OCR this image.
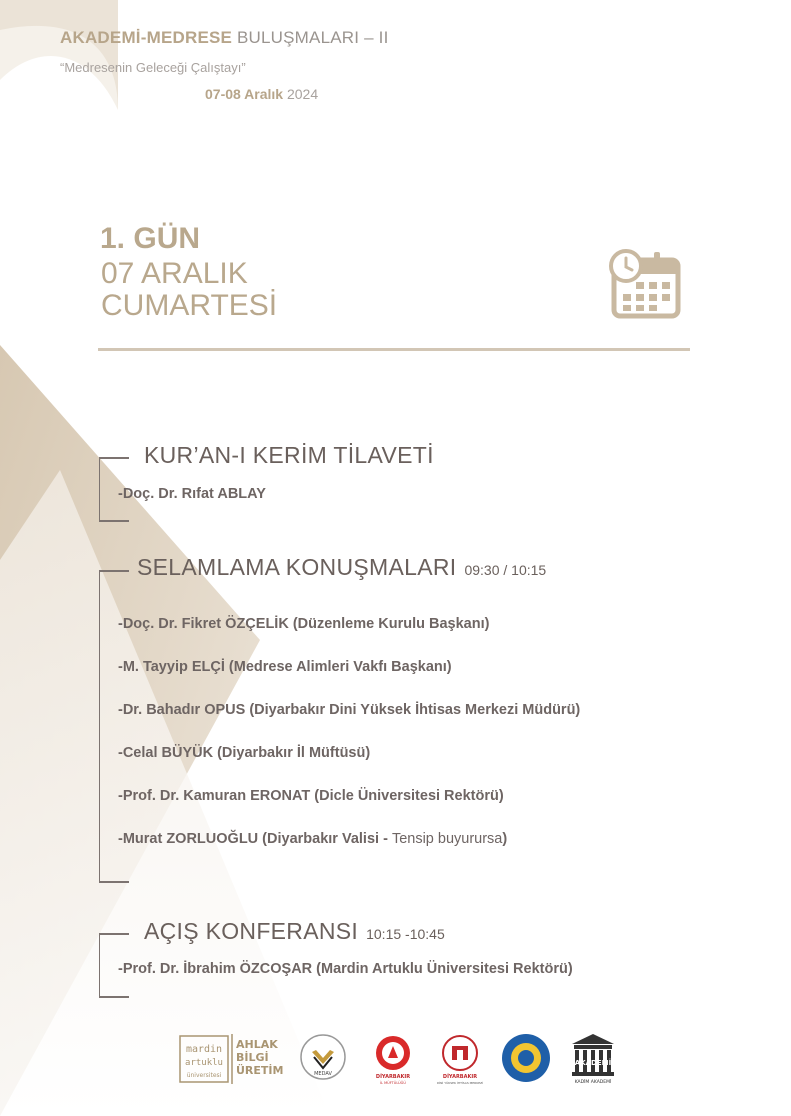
AKADEMİ-MEDRESE BULUŞMALARI – II
“Medresenin Geleceği Çalıştayı”
07-08 Aralık 2024
1. GÜN
07 ARALIK
CUMARTESİ
KUR’AN-I KERİM TİLAVETİ
-Doç. Dr. Rıfat ABLAY
SELAMLAMA KONUŞMALARI 09:30 / 10:15
-Doç. Dr. Fikret ÖZÇELİK (Düzenleme Kurulu Başkanı)
-M. Tayyip ELÇİ (Medrese Alimleri Vakfı Başkanı)
-Dr. Bahadır OPUS (Diyarbakır Dini Yüksek İhtisas Merkezi Müdürü)
-Celal BÜYÜK (Diyarbakır İl Müftüsü)
-Prof. Dr. Kamuran ERONAT (Dicle Üniversitesi Rektörü)
-Murat ZORLUOĞLU (Diyarbakır Valisi - Tensip buyurursa)
AÇIŞ KONFERANSI 10:15 -10:45
-Prof. Dr. İbrahim ÖZCOŞAR (Mardin Artuklu Üniversitesi Rektörü)
mardin
artuklu
üniversitesi
AHLAK
BİLGİ
ÜRETİM	MEDAV	DİYARBAKIR
İL MÜFTÜLÜĞÜ
DİYARBAKIR
DİNİ YÜKSEK İHTİSAS MERKEZİ
AKADEMİ
KADİM AKADEMİ
